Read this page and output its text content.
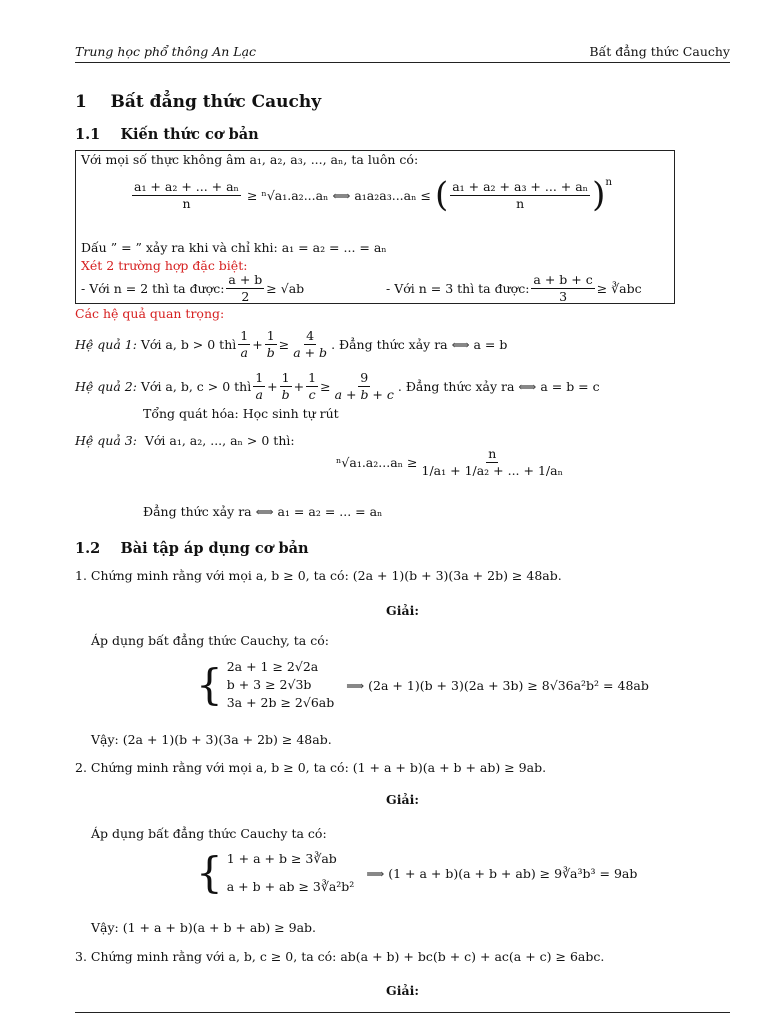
Trung học phổ thông An Lạc	Bất đẳng thức Cauchy
1 Bất đẳng thức Cauchy
1.1 Kiến thức cơ bản
Với mọi số thực không âm a₁, a₂, a₃, ..., aₙ, ta luôn có:
$\frac{\text{a₁ + a₂ + ... + aₙ}}{n} \ge ^n√a_1.a_2...a_n$ ⟺ a₁a₂a₃...aₙ ≤ ( $\frac{\text{a₁ + a₂ + a₃ + ... + aₙ}}{n} )^n$
Dấu ” = ” xảy ra khi và chỉ khi: a₁ = a₂ = ... = aₙ
Xét 2 trường hợp đặc biệt:
- Với n = 2 thì ta được: $\frac{a + b}{2} \ge √ab$	- Với n = 3 thì ta được: $\frac{a + b + c}{3}$ ≥ ∛abc
Các hệ quả quan trọng:
Hệ quả 1:
Với a, b > 0 thì $\frac{1}{a} + \frac{1}{b} \ge \frac{4}{a + b}$ . Đẳng thức xảy ra ⟺ a = b
Hệ quả 2:
Với a, b, c > 0 thì $\frac{1}{a} + \frac{1}{b} + \frac{1}{c} \ge \frac{9}{a + b + c}$ . Đẳng thức xảy ra ⟺ a = b = c
Tổng quát hóa: Học sinh tự rút
Hệ quả 3: Với a₁, a₂, ..., aₙ > 0 thì:
$^n√a_1.a_2...a_n \ge \frac{n}{\text{1/a₁ + 1/a₂ + ... + 1/aₙ}}$
Đẳng thức xảy ra ⟺ a₁ = a₂ = ... = aₙ
1.2 Bài tập áp dụng cơ bản
1. Chứng minh rằng với mọi a, b ≥ 0, ta có: (2a + 1)(b + 3)(3a + 2b) ≥ 48ab.
Giải:
Áp dụng bất đẳng thức Cauchy, ta có:
{ 2a + 1 ≥ 2√2a
b + 3 ≥ 2√3b
3a + 2b ≥ 2√6ab
⟹ (2a + 1)(b + 3)(2a + 3b) ≥ 8√36a²b² = 48ab
Vậy: (2a + 1)(b + 3)(3a + 2b) ≥ 48ab.
2. Chứng minh rằng với mọi a, b ≥ 0, ta có: (1 + a + b)(a + b + ab) ≥ 9ab.
Giải:
Áp dụng bất đẳng thức Cauchy ta có:
{ 1 + a + b ≥ 3∛ab
a + b + ab ≥ 3∛a²b²
⟹ (1 + a + b)(a + b + ab) ≥ 9∛a³b³ = 9ab
Vậy: (1 + a + b)(a + b + ab) ≥ 9ab.
3. Chứng minh rằng với a, b, c ≥ 0, ta có: ab(a + b) + bc(b + c) + ac(a + c) ≥ 6abc.
Giải:
